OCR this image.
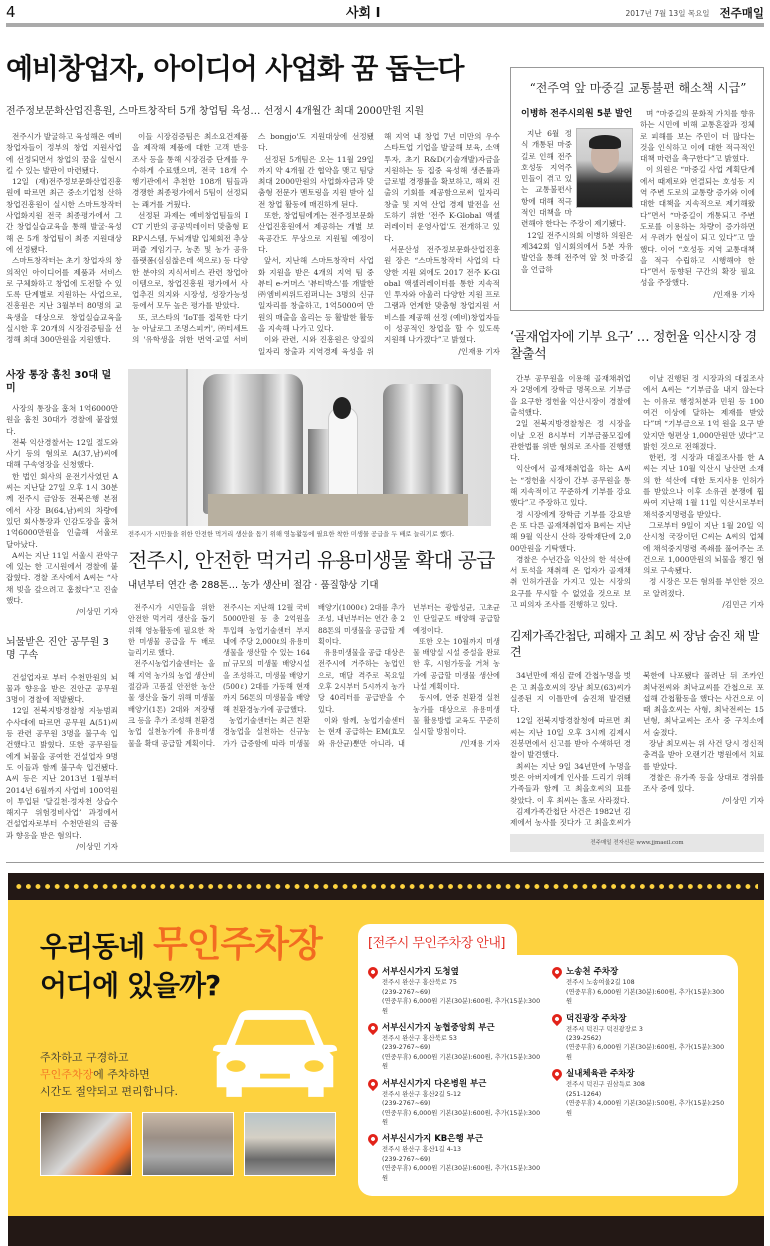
4	사회 I	2017년 7월 13일 목요일 전주매일
예비창업자, 아이디어 사업화 꿈 돕는다
전주정보문화산업진흥원, 스마트창작터 5개 창업팀 육성… 선정시 4개월간 최대 2000만원 지원

전주시가 발굴하고 육성해온 예비창업자들이 정부의 창업 지원사업에 선정되면서 창업의 꿈을 실현시킬 수 있는 발판이 마련됐다.

12일 (재)전주정보문화산업진흥원에 따르면 최근 중소기업청 산하 창업진흥원이 실시한 스마트창작터 사업화지원 전국 최종평가에서 그간 창업실습교육을 통해 발굴·육성해 온 5개 창업팀이 최종 지원대상에 선정됐다.

스마트창작터는 초기 창업자의 창의적인 아이디어를 제품과 서비스로 구체화하고 창업에 도전할 수 있도록 단계별로 지원하는 사업으로, 진흥원은 지난 3월부터 80명의 교육생을 대상으로 창업실습교육을 실시한 후 20개의 시장검증팀을 선정해 최대 300만원을 지원했다.

이들 시장검증팀은 최소요건제품을 제작해 제품에 대한 고객 반응 조사 등을 통해 시장검증 단계를 우수하게 수료했으며, 전국 18개 수행기관에서 추천한 108개 팀들과 경쟁한 최종평가에서 5팀이 선정되는 쾌거를 거뒀다.

선정된 과제는 예비창업팀들의 ICT 기반의 공공빅데이터 맞춤형 ERP시스템, 두뇌개발 입체회전 추상퍼즐 게임기구, 농촌 및 농가 공유 플랫폼(심심찮은데 색으로) 등 다양한 분야의 지식서비스 관련 창업아이템으로, 창업진흥원 평가에서 사업추진 의지와 시장성, 성장가능성 등에서 모두 높은 평가를 받았다.

또, 코스타의 'IoT를 접목한 다기능 아날로그 조명스피커', ㈜티세트의 '유학생을 위한 번역·교열 서비스 bongjo'도 지원대상에 선정됐다.

선정된 5개팀은 오는 11월 29일까지 약 4개월 간 협약을 맺고 팀당 최대 2000만원의 사업화자금과 맞춤형 전문가 멘토링을 지원 받아 실전 창업 활동에 매진하게 된다.

또한, 창업팀에게는 전주정보문화산업진흥원에서 제공하는 개별 보육공간도 무상으로 지원될 예정이다.

앞서, 지난해 스마트창작터 사업화 지원을 받은 4개의 지역 팀 중 뷰티 e-커머스 '뷰티박스'를 개발한 ㈜엠비씨위드컴퍼니는 3명의 신규 일자리를 창출하고, 1억5000여 만원의 매출을 올리는 등 활발한 활동을 지속해 나가고 있다.

이와 관련, 시와 진흥원은 양질의 일자리 창출과 지역경제 육성을 위해 지역 내 창업 7년 미만의 우수 스타트업 기업을 발굴해 보육, 소액 투자, 초기 R&D(기술개발)자금을 지원하는 등 집중 육성해 생존률과 글로벌 경쟁률을 확보하고, 해외 진출의 기회를 제공함으로써 일자리 창출 및 지역 산업 경제 발전을 선도하기 위한 '전주 K-Global 액셀러레이터 운영사업'도 전개하고 있다.

서문산성 전주정보문화산업진흥원 장은 “스마트창작터 사업의 다양한 지원 외에도 2017 전주 K-Global 액셀러레이터를 통한 지속적인 투자와 아울러 다양한 지원 프로그램과 연계한 맞춤형 창업지원 서비스를 제공해 선정 (예비)창업자들이 성공적인 창업을 할 수 있도록 지원해 나가겠다”고 밝혔다.

/인재용 기자

사장 통장 훔친 30대 덜미

사장의 통장을 훔쳐 1억6000만원을 훔친 30대가 경찰에 붙잡혔다.

전북 익산경찰서는 12일 절도와 사기 등의 혐의로 A(37,남)씨에 대해 구속영장을 신청했다.

한 법인 회사의 운전기사였던 A씨는 지난달 27일 오후 1시 30분께 전주시 금암동 전북은행 본점에서 사장 B(64,남)씨의 차량에 있던 회사통장과 인감도장을 훔쳐 1억6000만원을 인출해 서울로 달아났다.

A씨는 지난 11일 서울시 관악구에 있는 한 고시원에서 경찰에 붙잡혔다. 경찰 조사에서 A씨는 “사채 빚을 갚으려고 훔쳤다”고 진술했다.

/이상민 기자

뇌물받은 진안 공무원 3명 구속

건설업자로 부터 수천만원의 뇌물과 향응을 받은 진안군 공무원 3명이 경찰에 적발됐다.

12일 전북지방경찰청 지능범죄수사대에 따르면 공무원 A(51)씨 등 관련 공무원 3명을 불구속 입건했다고 밝혔다. 또한 공무원들에게 뇌물을 공여한 건설업자 9명도 이들과 함께 불구속 입건됐다. A씨 등은 지난 2013년 1월부터 2014년 6월까지 사업비 100억원이 투입된 ‘달길천·정자천 상습수해지구 위험정비사업’ 과정에서 건설업자로부터 수천만원의 금품과 향응을 받은 혐의다.

/이상민 기자

전주시가 시민들을 위한 안전한 먹거리 생산을 돕기 위해 영농활동에 필요한 착한 미생물 공급을 두 배로 늘리기로 했다.
전주시, 안전한 먹거리 유용미생물 확대 공급
내년부터 연간 총 288톤… 농가 생산비 절감 · 품질향상 기대

전주시가 시민들을 위한 안전한 먹거리 생산을 돕기 위해 영농활동에 필요한 착한 미생물 공급을 두 배로 늘리기로 했다.

전주시농업기술센터는 올해 지역 농가의 농업 생산비 절감과 고품질 안전한 농산물 생산을 돕기 위해 미생물 배양기(1톤) 2대와 저장탱크 등을 추가 조성해 친환경농업 실천농가에 유용미생물을 확대 공급할 계획이다. 전주시는 지난해 12월 국비 5000만원 등 총 2억원을 투입해 농업기술센터 부지 내에 주당 2,000ℓ의 유용미생물을 생산할 수 있는 164㎡규모의 미생물 배양시설을 조성하고, 미생물 배양기(500ℓ) 2대를 가동해 현재까지 56톤의 미생물을 배양해 친환경농가에 공급했다.

농업기술센터는 최근 친환경농업을 실천하는 신규농가가 급증함에 따라 미생물 배양기(1000ℓ) 2대를 추가 조성, 내년부터는 연간 총 288톤의 미생물을 공급할 계획이다.

유용미생물을 공급 대상은 전주시에 거주하는 농업인으로, 매달 격주로 목요일 오후 2시부터 5시까지 농가당 40리터를 공급받을 수 있다.

이와 함께, 농업기술센터는 현재 공급하는 EM(효모와 유산균)뿐만 아니라, 내년부터는 광합성균, 고초균인 단일균도 배양해 공급할 예정이다.

또한 오는 10월까지 미생물 배양실 시설 증설을 완료한 후, 시험가동을 거쳐 농가에 공급할 미생물 생산에 나설 계획이다.

동시에, 연중 친환경 실천 농가를 대상으로 유용미생물 활용방법 교육도 꾸준히 실시할 방침이다.

/인재용 기자

“전주역 앞 마중길 교통불편 해소책 시급”
이병하 전주시의원 5분 발언

지난 6월 정식 개통된 마중길로 인해 전주 호성동 지역주민들이 겪고 있는 교통불편사항에 대해 적극적인 대책을 마련해야 한다는 주장이 제기됐다.

12일 전주시의회 이병하 의원은 제342회 임시회의에서 5분 자유발언을 통해 전주역 앞 첫 마중길을 언급하

며 “마중길의 문화적 가치를 향유하는 시민에 비해 교통혼잡과 정체로 피해를 보는 주민이 더 많다는 것을 인식하고 이에 대한 적극적인 대책 마련을 촉구한다”고 밝혔다.

이 의원은 “마중길 사업 계획단계에서 때제로와 연결되는 호성동 지역 주변 도로의 교통량 증가와 이에 대한 대책을 지속적으로 제기해왔다”면서 “마중길이 개통되고 주변 도로를 이용하는 차량이 증가하면서 우려가 현실이 되고 있다”고 말했다. 이어 “호성동 지역 교통대책을 적극 수립하고 시행해야 한다”면서 동향된 구간의 확장 필요성을 주장했다.

/인재용 기자

‘골재업자에 기부 요구’ … 정헌율 익산시장 경찰출석

간부 공무원을 이용해 골재채취업자 2명에게 장학금 명목으로 기부금을 요구한 정헌율 익산시장이 경찰에 출석했다.

2일 전북지방경찰청은 정 시장을 이날 오전 8시부터 기부금품모집에관한법률 위반 혐의로 조사를 진행했다.

익산에서 골재채취업을 하는 A씨는 “정헌율 시장이 간부 공무원을 통해 지속적이고 꾸준하게 기부를 강요했다”고 주장하고 있다.

정 시장에게 장학금 기부를 강요받은 또 다른 골재채취업자 B씨는 지난해 9월 익산시 산하 장학재단에 2,000만원을 기탁했다.

경찰은 수년간을 익산의 한 석산에서 토석을 채취해 온 업자가 골재채취 인허가권을 가지고 있는 시장의 요구를 무시할 수 없었을 것으로 보고 피의자 조사를 진행하고 있다.

이날 진행된 정 시장과의 대질조사에서 A씨는 “기부금을 내지 않는다는 이유로 행정처분과 민원 등 100여건 이상에 달하는 제재를 받았다”며 “기부금으로 1억 원을 요구 받았지만 형편상 1,000만원만 냈다”고 밝힌 것으로 전해졌다.

한편, 정 시장과 대질조사를 한 A씨는 지난 10월 익산시 낭산면 소재의 한 석산에 대한 토지사용 인허가를 받았으나 이후 소유권 분쟁에 휩싸여 지난해 1월 11일 익산시로부터 채석중지명령을 받았다.

그로부터 9일이 지난 1월 20일 익산시청 국장이던 C씨는 A씨의 업체에 채석중지명령 족쇄를 풀어주는 조건으로 1,000만원의 뇌물을 챙긴 혐의로 구속됐다.

정 시장은 모든 혐의를 부인한 것으로 알려졌다.

/김민근 기자

김제가족간첩단, 피해자 고 최모 씨 장남 숨진 채 발견

34년만에 재심 끝에 간첩누명을 벗은 고 최을호씨의 장남 최모(63)씨가 실종된 지 이틀만에 숨진채 발견됐다.

12일 전북지방경찰청에 따르면 최씨는 지난 10일 오후 3시께 김제시 진봉면에서 신고를 받아 수색하던 경찰이 발견했다.

최씨는 지난 9일 34년만에 누명을 벗은 아버지에게 인사를 드리기 위해 가족들과 함께 고 최을호씨의 묘를 찾았다. 이 후 최씨는 홀로 사라졌다.

김제가족간첩단 사건은 1982년 김제에서 농사를 짓다가 고 최을호씨가 북한에 나포됐다 풀려난 뒤 조카인 최낙전씨와 최낙교씨를 간첩으로 포섭해 간첩활동을 했다는 사건으로 이 때 최을호씨는 사형, 최낙전씨는 15년형, 최낙교씨는 조사 중 구치소에서 숨졌다.

장남 최모씨는 위 사건 당시 정신적 충격을 받아 오랜기간 병원에서 치료를 받았다.

경찰은 유가족 등을 상대로 경위를 조사 중에 있다.

/이상민 기자

전주매일 전자신문 www.jjmaeil.com
우리동네 무인주차장
어디에 있을까?
주차하고 구경하고
무인주차장에 주차하면
시간도 절약되고 편리합니다.
[전주시 무인주차장 안내]
서부신시가지 도청옆
전주시 완산구 홍산북로 75
(239-2767~69)
(연중무휴) 6,000원 기본(30분):600원, 추가(15분):300원
서부신시가지 농협중앙회 부근
전주시 완산구 홍산북로 53
(239-2767~69)
(연중무휴) 6,000원 기본(30분):600원, 추가(15분):300원
서부신시가지 다온병원 부근
전주시 완산구 홍산2길 5-12
(239-2767~69)
(연중무휴) 6,000원 기본(30분):600원, 추가(15분):300원
서부신시가지 KB은행 부근
전주시 완산구 홍산1길 4-13
(239-2767~69)
(연중무휴) 6,000원 기본(30분):600원, 추가(15분):300원
노송천 주차장
전주시 노송여울2길 108
(연중무휴) 6,000원 기본(30분):600원, 추가(15분):300원
덕진광장 주차장
전주시 덕진구 덕진광장로 3
(239-2562)
(연중무휴) 6,000원 기본(30분):600원, 추가(15분):300원
실내체육관 주차장
전주시 덕진구 권삼득로 308
(251-1264)
(연중무휴) 4,000원 기본(30분):500원, 추가(15분):250원
